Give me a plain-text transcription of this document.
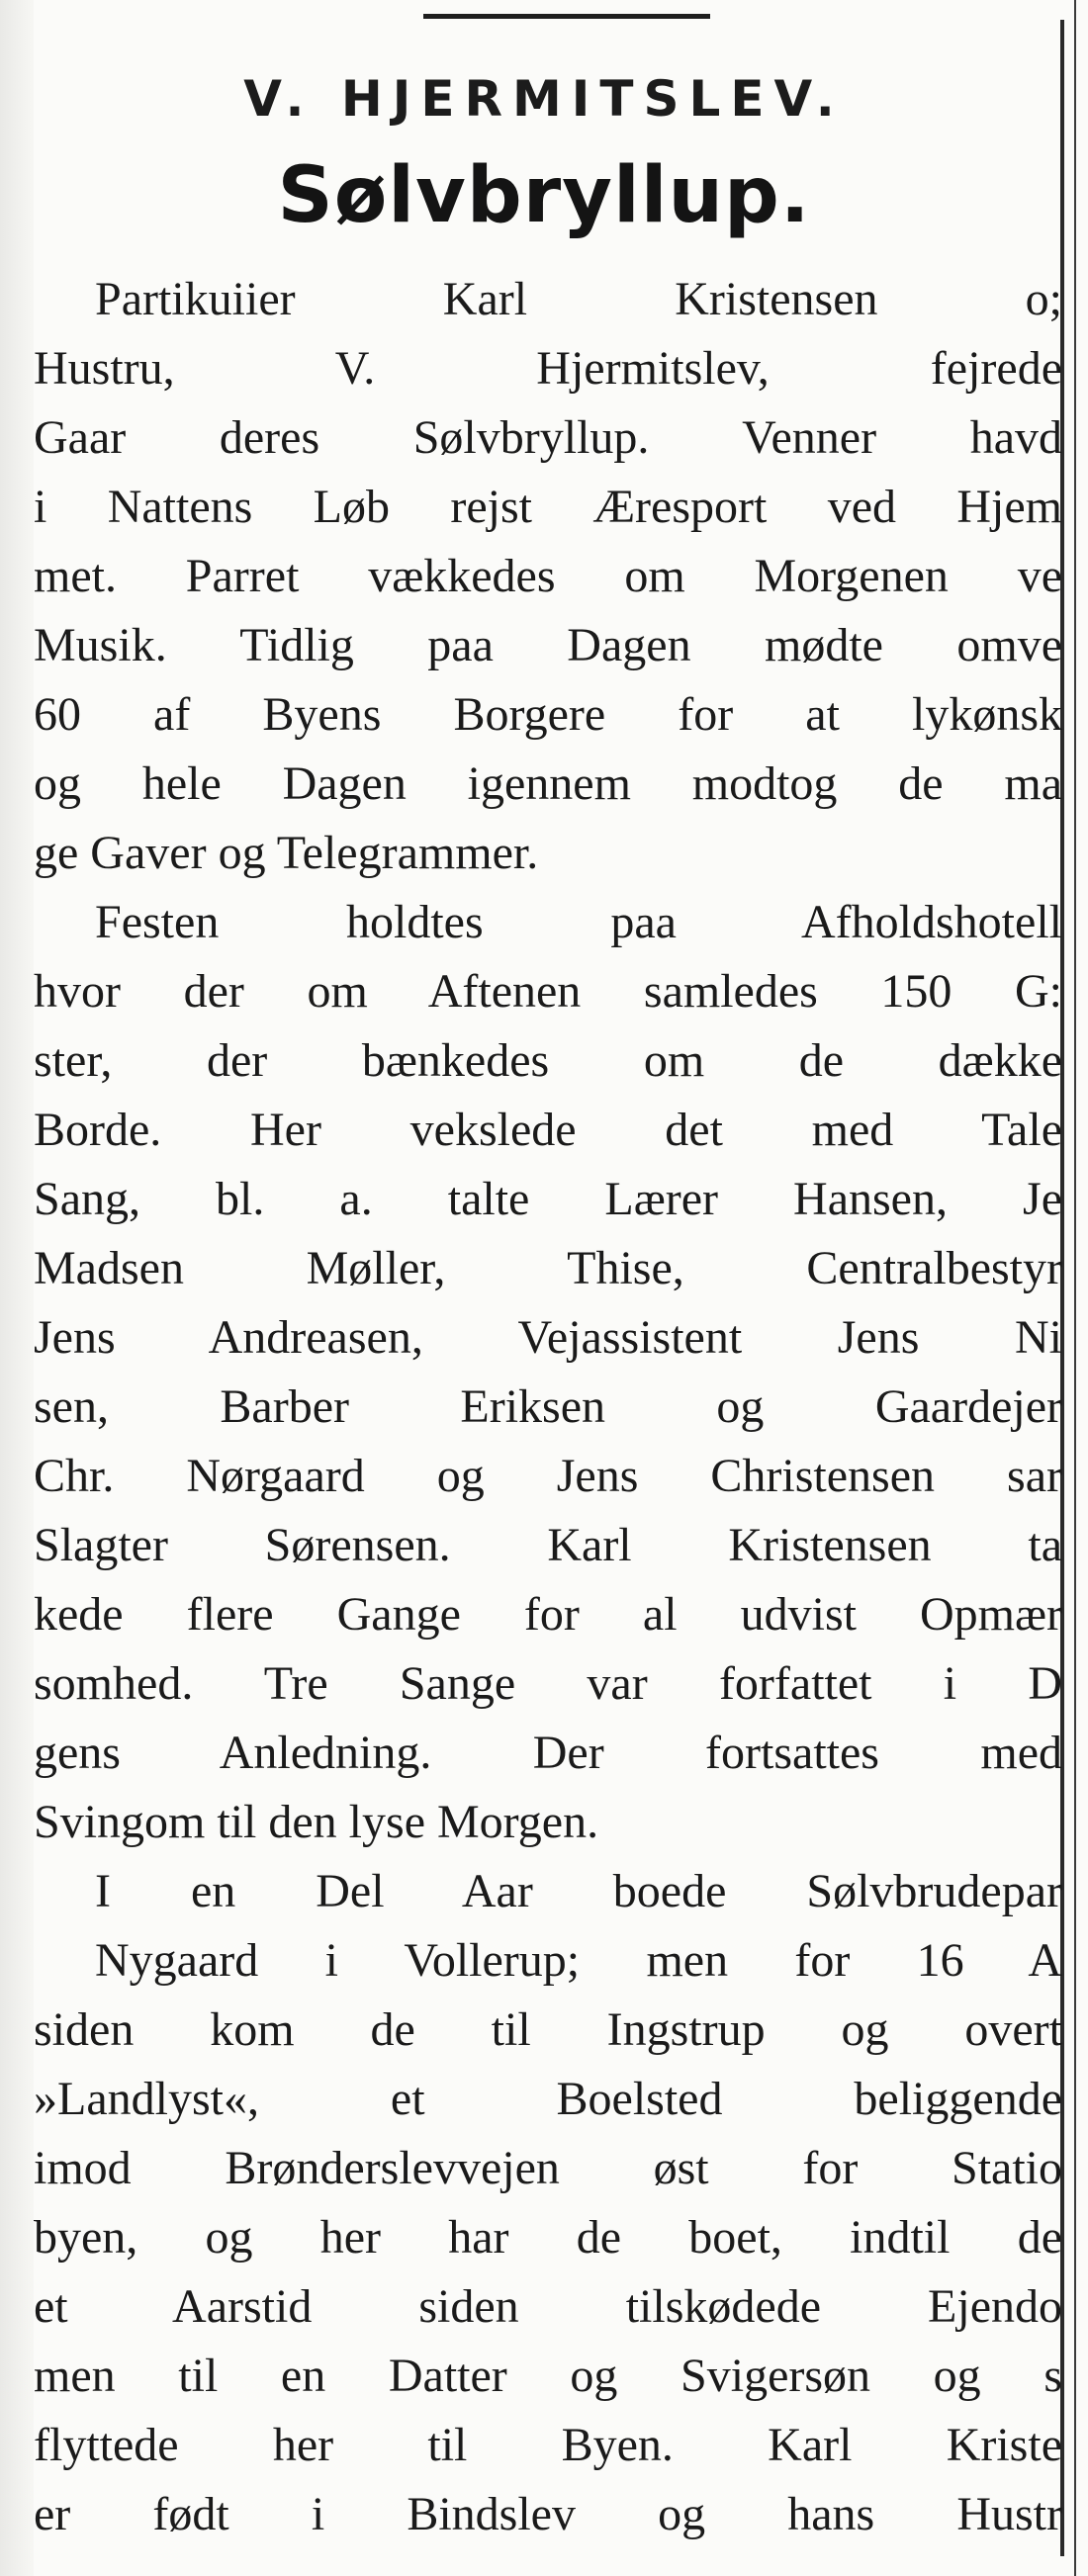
V. HJERMITSLEV.
Sølvbryllup.
Partikuiier Karl Kristensen o;
Hustru, V. Hjermitslev, fejrede
Gaar deres Sølvbryllup. Venner havd
i Nattens Løb rejst Æresport ved Hjem
met. Parret vækkedes om Morgenen ve
Musik. Tidlig paa Dagen mødte omve
60 af Byens Borgere for at lykønsk
og hele Dagen igennem modtog de ma
ge Gaver og Telegrammer.
Festen holdtes paa Afholdshotell
hvor der om Aftenen samledes 150 G:
ster, der bænkedes om de dække
Borde. Her vekslede det med Tale
Sang, bl. a. talte Lærer Hansen, Je
Madsen Møller, Thise, Centralbestyr
Jens Andreasen, Vejassistent Jens Ni
sen, Barber Eriksen og Gaardejer
Chr. Nørgaard og Jens Christensen sar
Slagter Sørensen. Karl Kristensen ta
kede flere Gange for al udvist Opmær
somhed. Tre Sange var forfattet i D
gens Anledning. Der fortsattes med
Svingom til den lyse Morgen.
I en Del Aar boede Sølvbrudepar
Nygaard i Vollerup; men for 16 A
siden kom de til Ingstrup og overt
»Landlyst«, et Boelsted beliggende
imod Brønderslevvejen øst for Statio
byen, og her har de boet, indtil de
et Aarstid siden tilskødede Ejendo
men til en Datter og Svigersøn og s
flyttede her til Byen. Karl Kriste
er født i Bindslev og hans Hustr
